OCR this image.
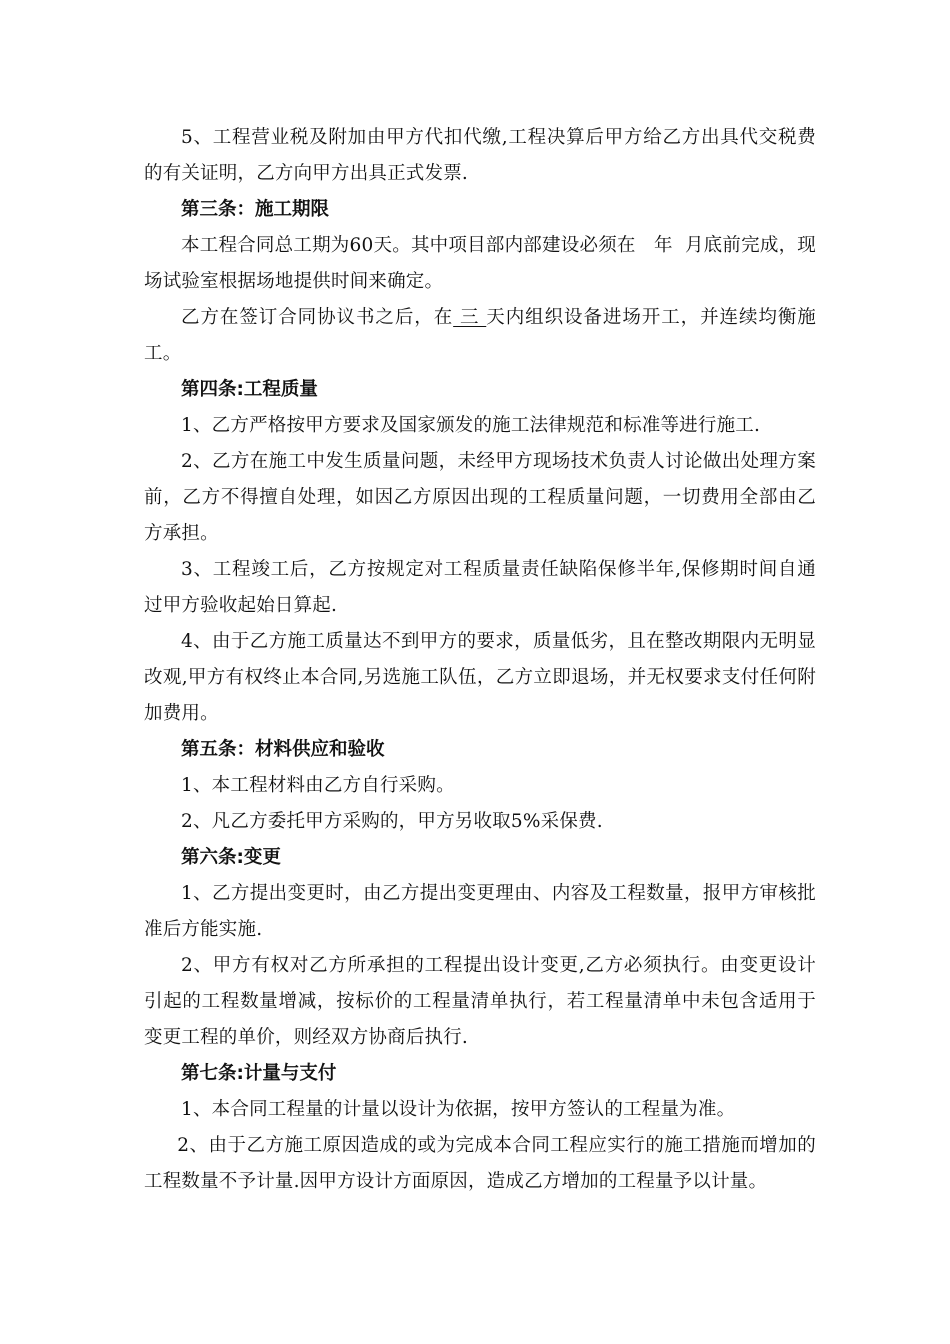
5、工程营业税及附加由甲方代扣代缴,工程决算后甲方给乙方出具代交税费的有关证明，乙方向甲方出具正式发票.

第三条：施工期限

本工程合同总工期为60天。其中项目部内部建设必须在 年 月底前完成，现场试验室根据场地提供时间来确定。

乙方在签订合同协议书之后，在 三 天内组织设备进场开工，并连续均衡施工。

第四条:工程质量

1、乙方严格按甲方要求及国家颁发的施工法律规范和标准等进行施工.

2、乙方在施工中发生质量问题，未经甲方现场技术负责人讨论做出处理方案前，乙方不得擅自处理，如因乙方原因出现的工程质量问题，一切费用全部由乙方承担。

3、工程竣工后，乙方按规定对工程质量责任缺陷保修半年,保修期时间自通过甲方验收起始日算起.

4、由于乙方施工质量达不到甲方的要求，质量低劣，且在整改期限内无明显改观,甲方有权终止本合同,另选施工队伍，乙方立即退场，并无权要求支付任何附加费用。

第五条：材料供应和验收

1、本工程材料由乙方自行采购。

2、凡乙方委托甲方采购的，甲方另收取5%采保费.

第六条:变更

1、乙方提出变更时，由乙方提出变更理由、内容及工程数量，报甲方审核批准后方能实施.

2、甲方有权对乙方所承担的工程提出设计变更,乙方必须执行。由变更设计引起的工程数量增减，按标价的工程量清单执行，若工程量清单中未包含适用于变更工程的单价，则经双方协商后执行.

第七条:计量与支付

1、本合同工程量的计量以设计为依据，按甲方签认的工程量为准。

2、由于乙方施工原因造成的或为完成本合同工程应实行的施工措施而增加的工程数量不予计量.因甲方设计方面原因，造成乙方增加的工程量予以计量。
